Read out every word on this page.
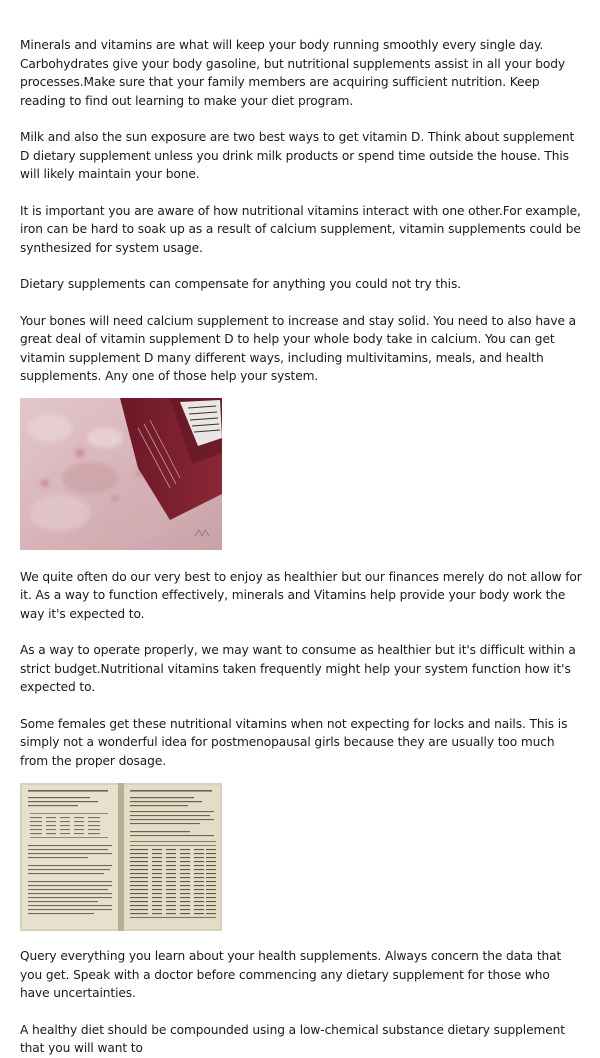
Minerals and vitamins are what will keep your body running smoothly every single day. Carbohydrates give your body gasoline, but nutritional supplements assist in all your body processes.Make sure that your family members are acquiring sufficient nutrition. Keep reading to find out learning to make your diet program.

Milk and also the sun exposure are two best ways to get vitamin D. Think about supplement D dietary supplement unless you drink milk products or spend time outside the house. This will likely maintain your bone.

It is important you are aware of how nutritional vitamins interact with one other.For example, iron can be hard to soak up as a result of calcium supplement, vitamin supplements could be synthesized for system usage.

Dietary supplements can compensate for anything you could not try this.

Your bones will need calcium supplement to increase and stay solid. You need to also have a great deal of vitamin supplement D to help your whole body take in calcium. You can get vitamin supplement D many different ways, including multivitamins, meals, and health supplements. Any one of those help your system.

We quite often do our very best to enjoy as healthier but our finances merely do not allow for it. As a way to function effectively, minerals and Vitamins help provide your body work the way it's expected to.

As a way to operate properly, we may want to consume as healthier but it's difficult within a strict budget.Nutritional vitamins taken frequently might help your system function how it's expected to.

Some females get these nutritional vitamins when not expecting for locks and nails. This is simply not a wonderful idea for postmenopausal girls because they are usually too much from the proper dosage.

Query everything you learn about your health supplements. Always concern the data that you get. Speak with a doctor before commencing any dietary supplement for those who have uncertainties.

A healthy diet should be compounded using a low-chemical substance dietary supplement that you will want to
